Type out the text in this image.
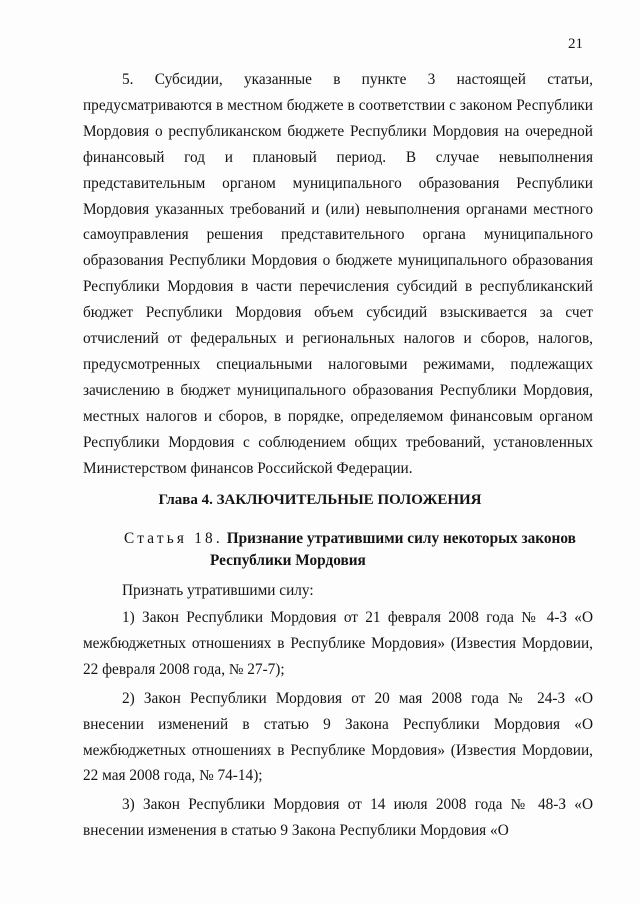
21

5. Субсидии, указанные в пункте 3 настоящей статьи, предусматриваются в местном бюджете в соответствии с законом Республики Мордовия о республиканском бюджете Республики Мордовия на очередной финансовый год и плановый период. В случае невыполнения представительным органом муниципального образования Республики Мордовия указанных требований и (или) невыполнения органами местного самоуправления решения представительного органа муниципального образования Республики Мордовия о бюджете муниципального образования Республики Мордовия в части перечисления субсидий в республиканский бюджет Республики Мордовия объем субсидий взыскивается за счет отчислений от федеральных и региональных налогов и сборов, налогов, предусмотренных специальными налоговыми режимами, подлежащих зачислению в бюджет муниципального образования Республики Мордовия, местных налогов и сборов, в порядке, определяемом финансовым органом Республики Мордовия с соблюдением общих требований, установленных Министерством финансов Российской Федерации.

Глава 4. ЗАКЛЮЧИТЕЛЬНЫЕ ПОЛОЖЕНИЯ
Статья 18. Признание утратившими силу некоторых законов
Республики Мордовия

Признать утратившими силу:

1) Закон Республики Мордовия от 21 февраля 2008 года № 4-З «О межбюджетных отношениях в Республике Мордовия» (Известия Мордовии, 22 февраля 2008 года, № 27-7);

2) Закон Республики Мордовия от 20 мая 2008 года № 24-З «О внесении изменений в статью 9 Закона Республики Мордовия «О межбюджетных отношениях в Республике Мордовия» (Известия Мордовии, 22 мая 2008 года, № 74-14);

3) Закон Республики Мордовия от 14 июля 2008 года № 48-З «О внесении изменения в статью 9 Закона Республики Мордовия «О
